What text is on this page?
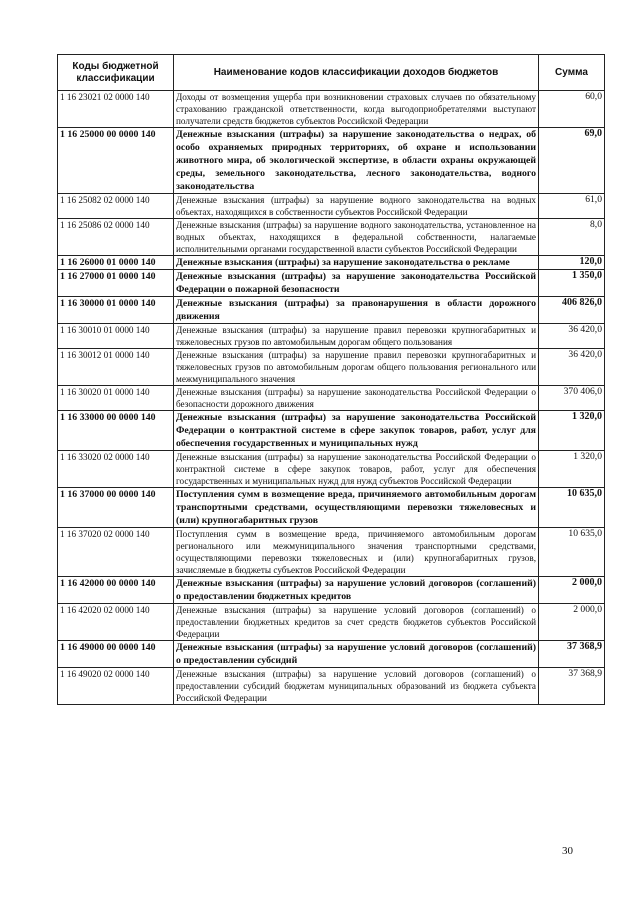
Коды бюджетной классификации	Наименование кодов классификации доходов бюджетов	Сумма
1 16 23021 02 0000 140	Доходы от возмещения ущерба при возникновении страховых случаев по обязательному страхованию гражданской ответственности, когда выгодоприобретателями выступают получатели средств бюджетов субъектов Российской Федерации	60,0
1 16 25000 00 0000 140	Денежные взыскания (штрафы) за нарушение законодательства о недрах, об особо охраняемых природных территориях, об охране и использовании животного мира, об экологической экспертизе, в области охраны окружающей среды, земельного законодательства, лесного законодательства, водного законодательства	69,0
1 16 25082 02 0000 140	Денежные взыскания (штрафы) за нарушение водного законодательства на водных объектах, находящихся в собственности субъектов Российской Федерации	61,0
1 16 25086 02 0000 140	Денежные взыскания (штрафы) за нарушение водного законодательства, установленное на водных объектах, находящихся в федеральной собственности, налагаемые исполнительными органами государственной власти субъектов Российской Федерации	8,0
1 16 26000 01 0000 140	Денежные взыскания (штрафы) за нарушение законодательства о рекламе	120,0
1 16 27000 01 0000 140	Денежные взыскания (штрафы) за нарушение законодательства Российской Федерации о пожарной безопасности	1 350,0
1 16 30000 01 0000 140	Денежные взыскания (штрафы) за правонарушения в области дорожного движения	406 826,0
1 16 30010 01 0000 140	Денежные взыскания (штрафы) за нарушение правил перевозки крупногабаритных и тяжеловесных грузов по автомобильным дорогам общего пользования	36 420,0
1 16 30012 01 0000 140	Денежные взыскания (штрафы) за нарушение правил перевозки крупногабаритных и тяжеловесных грузов по автомобильным дорогам общего пользования регионального или межмуниципального значения	36 420,0
1 16 30020 01 0000 140	Денежные взыскания (штрафы) за нарушение законодательства Российской Федерации о безопасности дорожного движения	370 406,0
1 16 33000 00 0000 140	Денежные взыскания (штрафы) за нарушение законодательства Российской Федерации о контрактной системе в сфере закупок товаров, работ, услуг для обеспечения государственных и муниципальных нужд	1 320,0
1 16 33020 02 0000 140	Денежные взыскания (штрафы) за нарушение законодательства Российской Федерации о контрактной системе в сфере закупок товаров, работ, услуг для обеспечения государственных и муниципальных нужд для нужд субъектов Российской Федерации	1 320,0
1 16 37000 00 0000 140	Поступления сумм в возмещение вреда, причиняемого автомобильным дорогам транспортными средствами, осуществляющими перевозки тяжеловесных и (или) крупногабаритных грузов	10 635,0
1 16 37020 02 0000 140	Поступления сумм в возмещение вреда, причиняемого автомобильным дорогам регионального или межмуниципального значения транспортными средствами, осуществляющими перевозки тяжеловесных и (или) крупногабаритных грузов, зачисляемые в бюджеты субъектов Российской Федерации	10 635,0
1 16 42000 00 0000 140	Денежные взыскания (штрафы) за нарушение условий договоров (соглашений) о предоставлении бюджетных кредитов	2 000,0
1 16 42020 02 0000 140	Денежные взыскания (штрафы) за нарушение условий договоров (соглашений) о предоставлении бюджетных кредитов за счет средств бюджетов субъектов Российской Федерации	2 000,0
1 16 49000 00 0000 140	Денежные взыскания (штрафы) за нарушение условий договоров (соглашений) о предоставлении субсидий	37 368,9
1 16 49020 02 0000 140	Денежные взыскания (штрафы) за нарушение условий договоров (соглашений) о предоставлении субсидий бюджетам муниципальных образований из бюджета субъекта Российской Федерации	37 368,9
30
